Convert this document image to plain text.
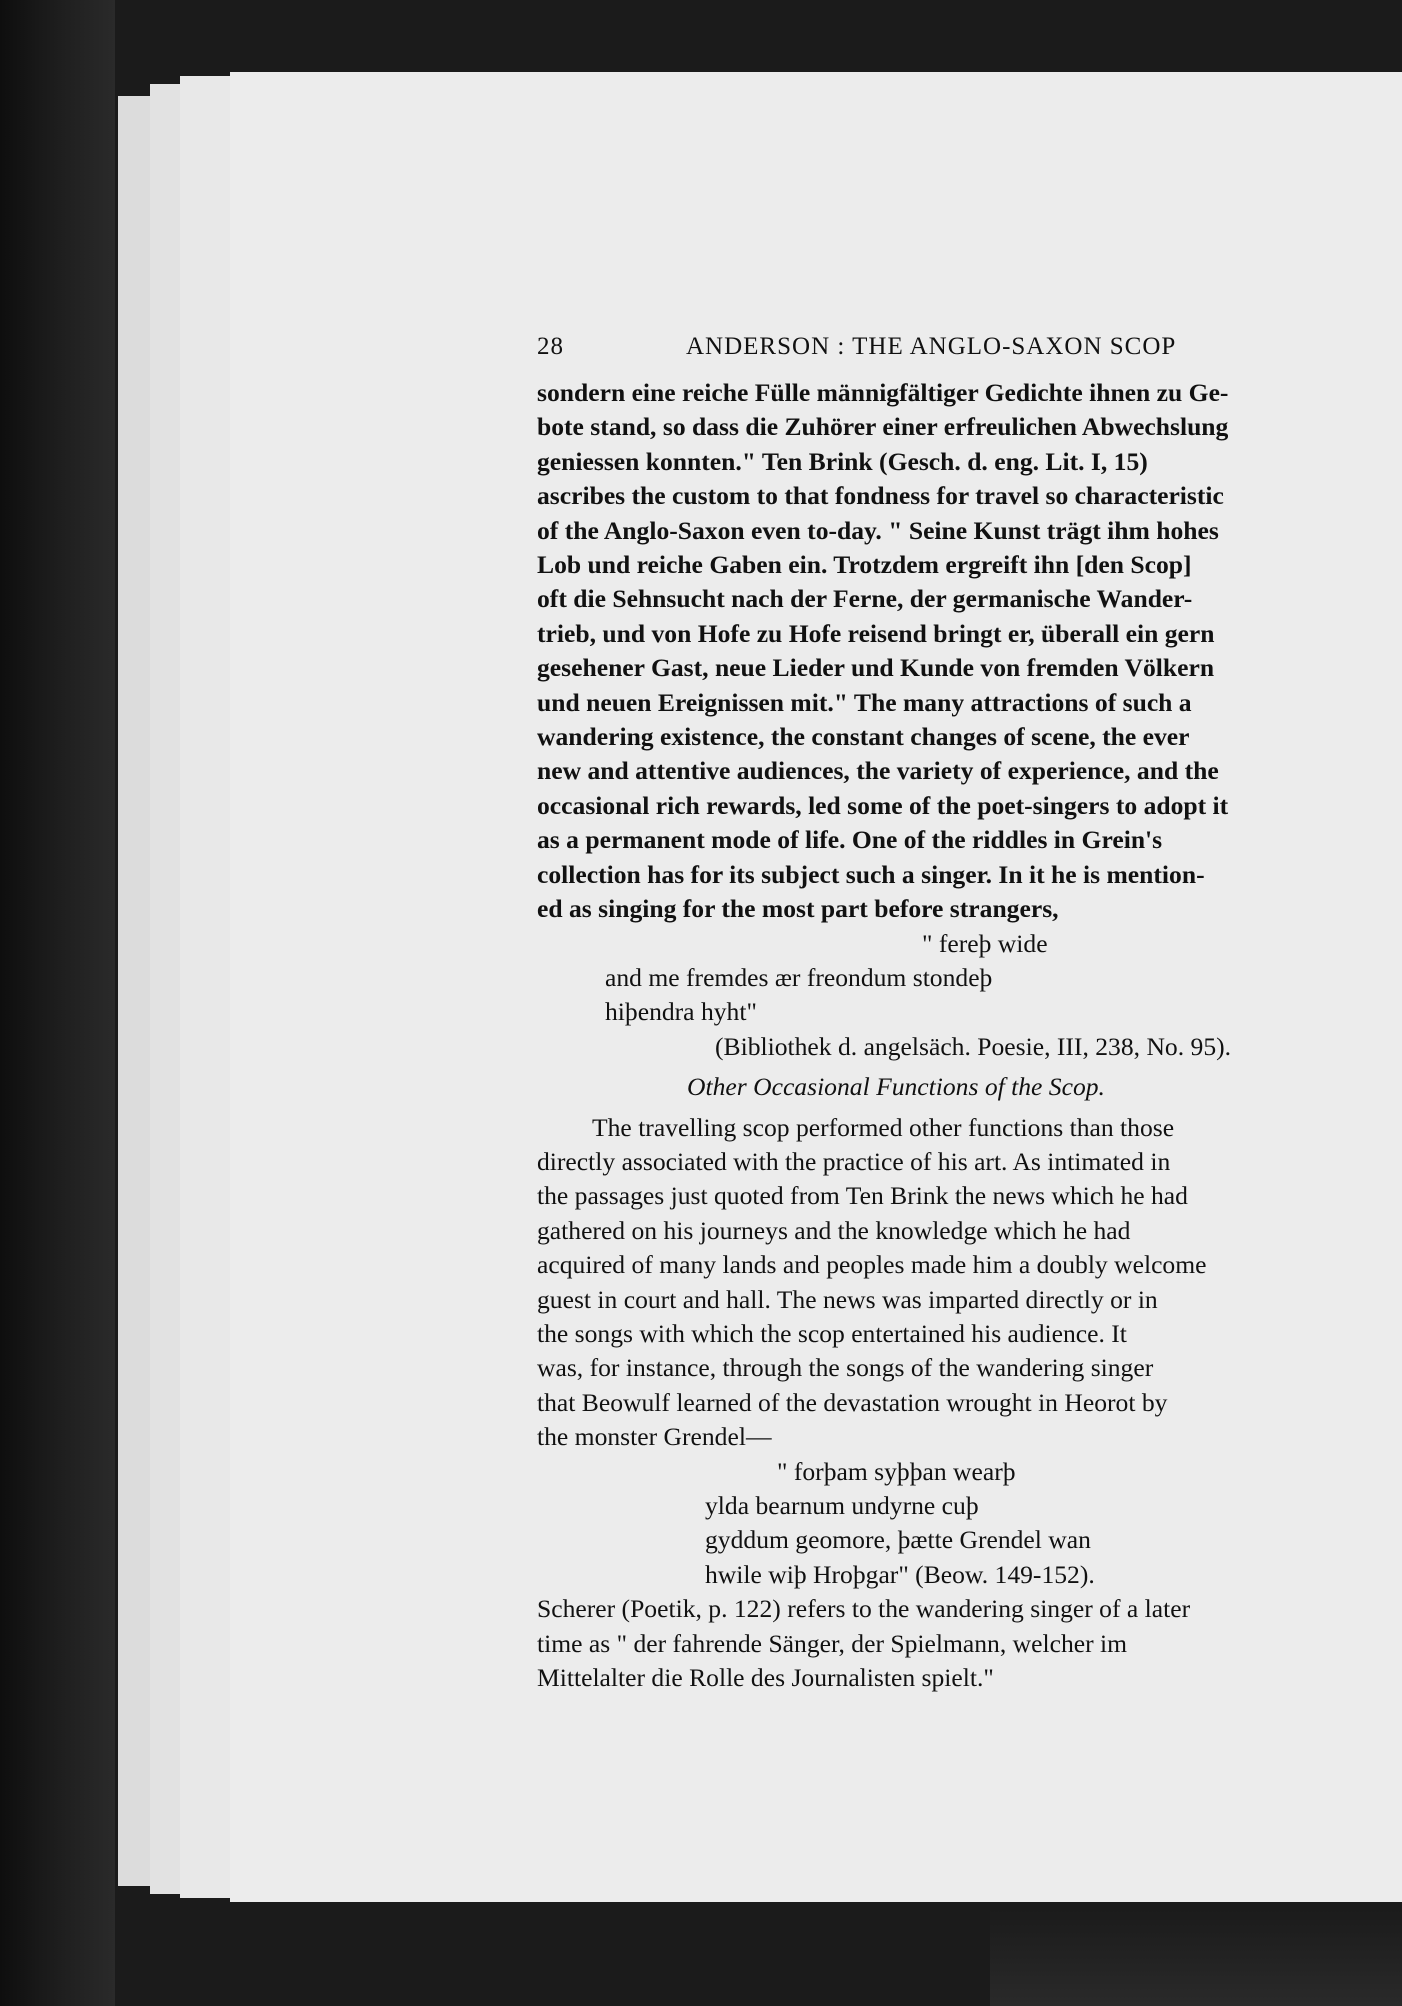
28	ANDERSON : THE ANGLO-SAXON SCOP

sondern eine reiche Fülle männigfältiger Gedichte ihnen zu Ge-

bote stand, so dass die Zuhörer einer erfreulichen Abwechslung

geniessen konnten." Ten Brink (Gesch. d. eng. Lit. I, 15)

ascribes the custom to that fondness for travel so characteristic

of the Anglo-Saxon even to-day. " Seine Kunst trägt ihm hohes

Lob und reiche Gaben ein. Trotzdem ergreift ihn [den Scop]

oft die Sehnsucht nach der Ferne, der germanische Wander-

trieb, und von Hofe zu Hofe reisend bringt er, überall ein gern

gesehener Gast, neue Lieder und Kunde von fremden Völkern

und neuen Ereignissen mit." The many attractions of such a

wandering existence, the constant changes of scene, the ever

new and attentive audiences, the variety of experience, and the

occasional rich rewards, led some of the poet-singers to adopt it

as a permanent mode of life. One of the riddles in Grein's

collection has for its subject such a singer. In it he is mention-

ed as singing for the most part before strangers,

" fereþ wide

and me fremdes ær freondum stondeþ

hiþendra hyht"

(Bibliothek d. angelsäch. Poesie, III, 238, No. 95).

Other Occasional Functions of the Scop.

The travelling scop performed other functions than those

directly associated with the practice of his art. As intimated in

the passages just quoted from Ten Brink the news which he had

gathered on his journeys and the knowledge which he had

acquired of many lands and peoples made him a doubly welcome

guest in court and hall. The news was imparted directly or in

the songs with which the scop entertained his audience. It

was, for instance, through the songs of the wandering singer

that Beowulf learned of the devastation wrought in Heorot by

the monster Grendel—

" forþam syþþan wearþ

ylda bearnum undyrne cuþ

gyddum geomore, þætte Grendel wan

hwile wiþ Hroþgar" (Beow. 149-152).

Scherer (Poetik, p. 122) refers to the wandering singer of a later

time as " der fahrende Sänger, der Spielmann, welcher im

Mittelalter die Rolle des Journalisten spielt."
